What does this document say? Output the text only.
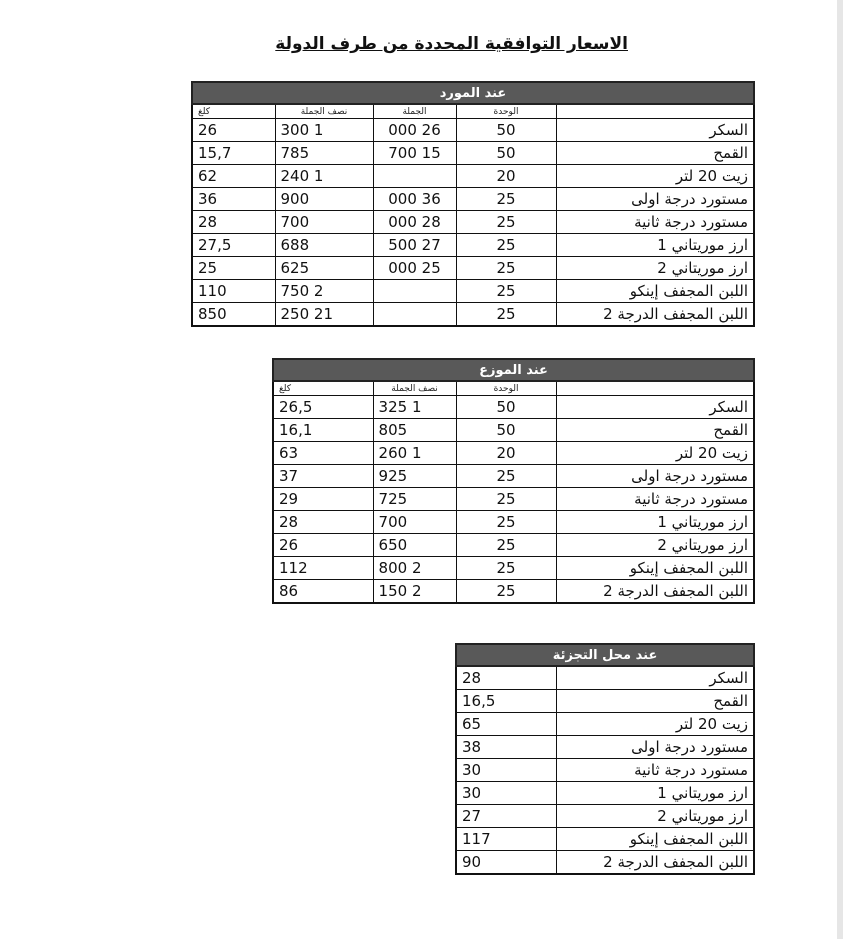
الاسعار التوافقية المحددة من طرف الدولة
عند المورد				
	الوحدة	الجملة	نصف الجملة	كلغ
السكر	50	26 000	1 300	26
القمح	50	15 700	785	15,7
زيت 20 لتر	20		1 240	62
مستورد درجة اولى	25	36 000	900	36
مستورد درجة ثانية	25	28 000	700	28
ارز موريتاني 1	25	27 500	688	27,5
ارز موريتاني 2	25	25 000	625	25
اللبن المجفف إينكو	25		2 750	110
اللبن المجفف الدرجة 2	25		21 250	850
عند الموزع			
	الوحدة	نصف الجملة	كلغ
السكر	50	1 325	26,5
القمح	50	805	16,1
زيت 20 لتر	20	1 260	63
مستورد درجة اولى	25	925	37
مستورد درجة ثانية	25	725	29
ارز موريتاني 1	25	700	28
ارز موريتاني 2	25	650	26
اللبن المجفف إينكو	25	2 800	112
اللبن المجفف الدرجة 2	25	2 150	86
عند محل التجزئة	
السكر	28
القمح	16,5
زيت 20 لتر	65
مستورد درجة اولى	38
مستورد درجة ثانية	30
ارز موريتاني 1	30
ارز موريتاني 2	27
اللبن المجفف إينكو	117
اللبن المجفف الدرجة 2	90
